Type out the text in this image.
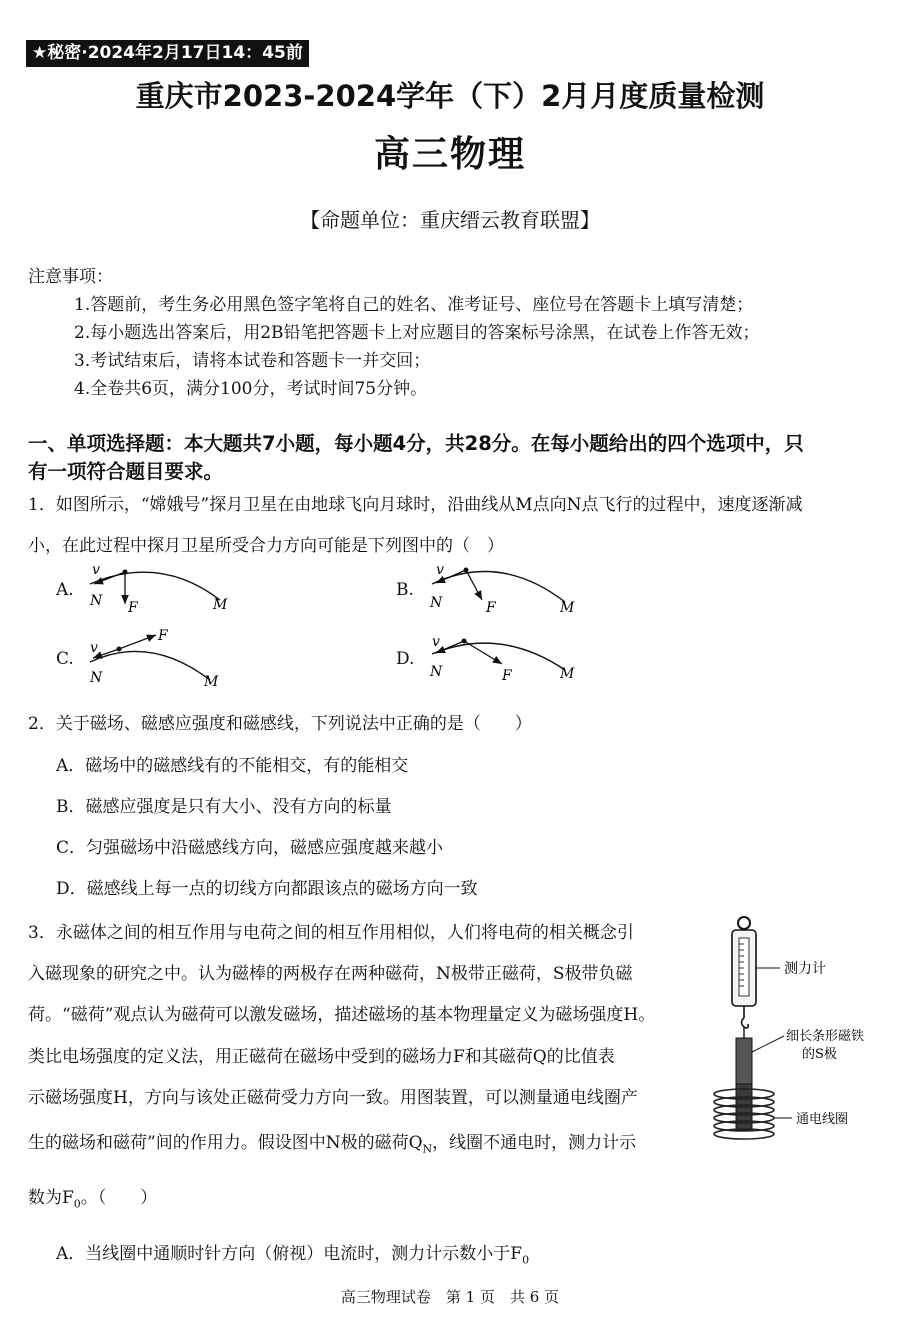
★秘密·2024年2月17日14：45前
重庆市2023-2024学年（下）2月月度质量检测
高三物理
【命题单位：重庆缙云教育联盟】
注意事项：
1.答题前，考生务必用黑色签字笔将自己的姓名、准考证号、座位号在答题卡上填写清楚；
2.每小题选出答案后，用2B铅笔把答题卡上对应题目的答案标号涂黑，在试卷上作答无效；
3.考试结束后，请将本试卷和答题卡一并交回；
4.全卷共6页，满分100分，考试时间75分钟。
一、单项选择题：本大题共7小题，每小题4分，共28分。在每小题给出的四个选项中，只
有一项符合题目要求。
1．如图所示，“嫦娥号”探月卫星在由地球飞向月球时，沿曲线从M点向N点飞行的过程中，速度逐渐减
小，在此过程中探月卫星所受合力方向可能是下列图中的（　）
A.	B.
C.	D.
v
N F	M
v
N	F	M
v
N
F
M
v
N	F	M
2．关于磁场、磁感应强度和磁感线，下列说法中正确的是（　　）
A．磁场中的磁感线有的不能相交，有的能相交
B．磁感应强度是只有大小、没有方向的标量
C．匀强磁场中沿磁感线方向，磁感应强度越来越小
D．磁感线上每一点的切线方向都跟该点的磁场方向一致
3．永磁体之间的相互作用与电荷之间的相互作用相似，人们将电荷的相关概念引
入磁现象的研究之中。认为磁棒的两极存在两种磁荷，N极带正磁荷，S极带负磁
荷。“磁荷”观点认为磁荷可以激发磁场，描述磁场的基本物理量定义为磁场强度H。
类比电场强度的定义法，用正磁荷在磁场中受到的磁场力F和其磁荷Q的比值表
示磁场强度H，方向与该处正磁荷受力方向一致。用图装置，可以测量通电线圈产
生的磁场和磁荷”间的作用力。假设图中N极的磁荷$Q_N$，线圈不通电时，测力计示
数为$F_0$。（　　）
A．当线圈中通顺时针方向（俯视）电流时，测力计示数小于$F_0$
测力计
细长条形磁铁
的S极
通电线圈
高三物理试卷　第 1 页　共 6 页
